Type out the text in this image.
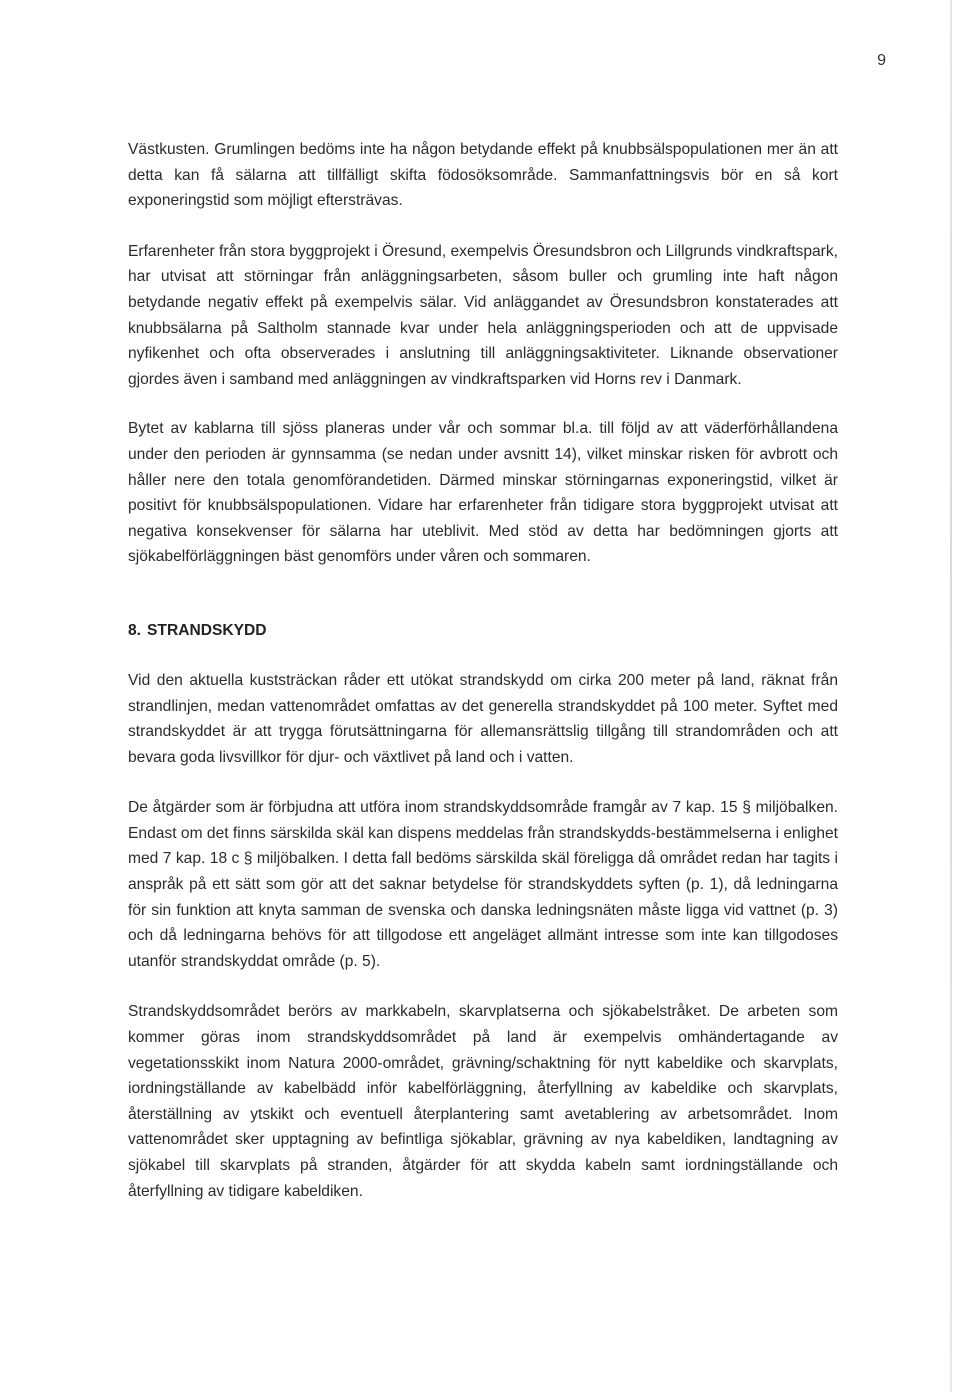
9

Västkusten. Grumlingen bedöms inte ha någon betydande effekt på knubbsälspopulationen mer än att detta kan få sälarna att tillfälligt skifta födosöksområde. Sammanfattningsvis bör en så kort exponeringstid som möjligt eftersträvas.

Erfarenheter från stora byggprojekt i Öresund, exempelvis Öresundsbron och Lillgrunds vindkraftspark, har utvisat att störningar från anläggningsarbeten, såsom buller och grumling inte haft någon betydande negativ effekt på exempelvis sälar. Vid anläggandet av Öresundsbron konstaterades att knubbsälarna på Saltholm stannade kvar under hela anläggningsperioden och att de uppvisade nyfikenhet och ofta observerades i anslutning till anläggningsaktiviteter. Liknande observationer gjordes även i samband med anläggningen av vindkraftsparken vid Horns rev i Danmark.

Bytet av kablarna till sjöss planeras under vår och sommar bl.a. till följd av att väderförhållandena under den perioden är gynnsamma (se nedan under avsnitt 14), vilket minskar risken för avbrott och håller nere den totala genomförandetiden. Därmed minskar störningarnas exponeringstid, vilket är positivt för knubbsälspopulationen. Vidare har erfarenheter från tidigare stora byggprojekt utvisat att negativa konsekvenser för sälarna har uteblivit. Med stöd av detta har bedömningen gjorts att sjökabelförläggningen bäst genomförs under våren och sommaren.

8. STRANDSKYDD

Vid den aktuella kuststräckan råder ett utökat strandskydd om cirka 200 meter på land, räknat från strandlinjen, medan vattenområdet omfattas av det generella strandskyddet på 100 meter. Syftet med strandskyddet är att trygga förutsättningarna för allemansrättslig tillgång till strandområden och att bevara goda livsvillkor för djur- och växtlivet på land och i vatten.

De åtgärder som är förbjudna att utföra inom strandskyddsområde framgår av 7 kap. 15 § miljöbalken. Endast om det finns särskilda skäl kan dispens meddelas från strandskydds-bestämmelserna i enlighet med 7 kap. 18 c § miljöbalken. I detta fall bedöms särskilda skäl föreligga då området redan har tagits i anspråk på ett sätt som gör att det saknar betydelse för strandskyddets syften (p. 1), då ledningarna för sin funktion att knyta samman de svenska och danska ledningsnäten måste ligga vid vattnet (p. 3) och då ledningarna behövs för att tillgodose ett angeläget allmänt intresse som inte kan tillgodoses utanför strandskyddat område (p. 5).

Strandskyddsområdet berörs av markkabeln, skarvplatserna och sjökabelstråket. De arbeten som kommer göras inom strandskyddsområdet på land är exempelvis omhändertagande av vegetationsskikt inom Natura 2000-området, grävning/schaktning för nytt kabeldike och skarvplats, iordningställande av kabelbädd inför kabelförläggning, återfyllning av kabeldike och skarvplats, återställning av ytskikt och eventuell återplantering samt avetablering av arbetsområdet. Inom vattenområdet sker upptagning av befintliga sjökablar, grävning av nya kabeldiken, landtagning av sjökabel till skarvplats på stranden, åtgärder för att skydda kabeln samt iordningställande och återfyllning av tidigare kabeldiken.
